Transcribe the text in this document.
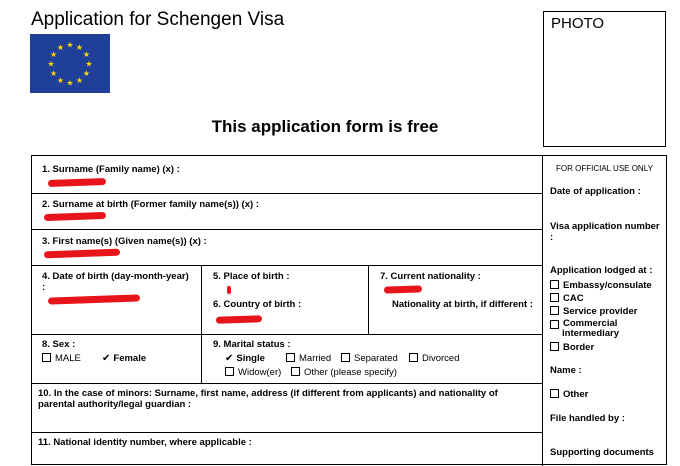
Application for Schengen Visa
★ ★
★
★
★
★
★
★
★
★
★
★
PHOTO
This application form is free
1. Surname (Family name) (x) :
2. Surname at birth (Former family name(s)) (x) :
3. First name(s) (Given name(s)) (x) :
4. Date of birth (day-month-year) :
5. Place of birth :
6. Country of birth :
7. Current nationality :
Nationality at birth, if different :
8. Sex :
MALE ✔ Female
9. Marital status :
✔ Single	Married	Separated	Divorced
Widow(er)	Other (please specify)
10. In the case of minors: Surname, first name, address (if different from applicants) and nationality of parental authority/legal guardian :
11. National identity number, where applicable :
FOR OFFICIAL USE ONLY
Date of application :
Visa application number :
Application lodged at :
Embassy/consulate
CAC
Service provider
Commercial intermediary
Border
Name :
Other
File handled by :
Supporting documents
